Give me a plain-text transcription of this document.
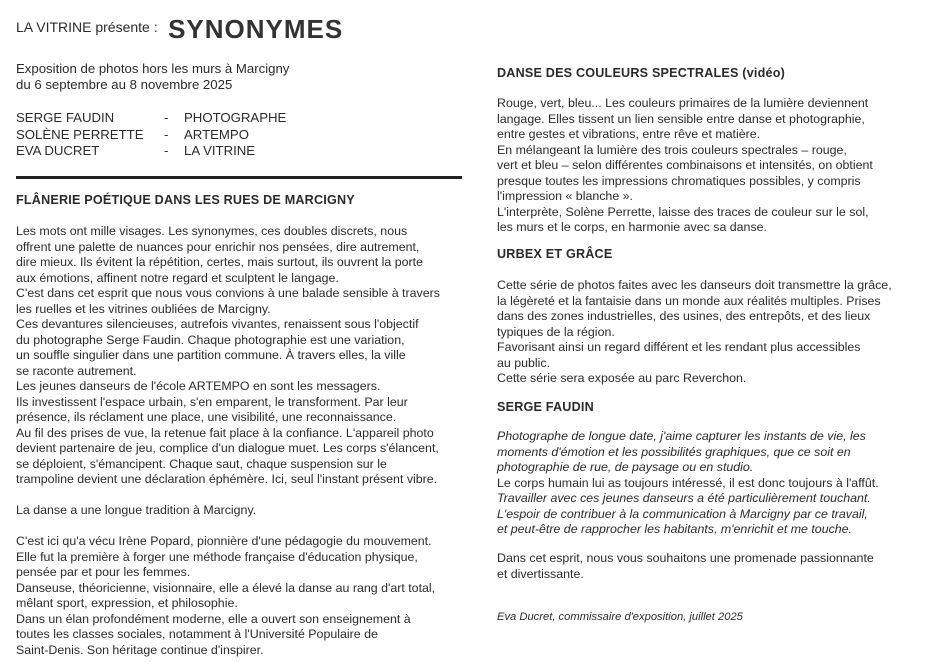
LA VITRINE présente : SYNONYMES
Exposition de photos hors les murs à Marcigny
du 6 septembre au 8 novembre 2025
SERGE FAUDIN	-	PHOTOGRAPHE
SOLÈNE PERRETTE	-	ARTEMPO
EVA DUCRET	-	LA VITRINE
FLÂNERIE POÉTIQUE DANS LES RUES DE MARCIGNY

Les mots ont mille visages. Les synonymes, ces doubles discrets, nous

offrent une palette de nuances pour enrichir nos pensées, dire autrement,

dire mieux. Ils évitent la répétition, certes, mais surtout, ils ouvrent la porte

aux émotions, affinent notre regard et sculptent le langage.

C'est dans cet esprit que nous vous convions à une balade sensible à travers

les ruelles et les vitrines oubliées de Marcigny.

Ces devantures silencieuses, autrefois vivantes, renaissent sous l'objectif

du photographe Serge Faudin. Chaque photographie est une variation,

un souffle singulier dans une partition commune. À travers elles, la ville

se raconte autrement.

Les jeunes danseurs de l'école ARTEMPO en sont les messagers.

Ils investissent l'espace urbain, s'en emparent, le transforment. Par leur

présence, ils réclament une place, une visibilité, une reconnaissance.

Au fil des prises de vue, la retenue fait place à la confiance. L'appareil photo

devient partenaire de jeu, complice d'un dialogue muet. Les corps s'élancent,

se déploient, s'émancipent. Chaque saut, chaque suspension sur le

trampoline devient une déclaration éphémère. Ici, seul l'instant présent vibre.

La danse a une longue tradition à Marcigny.

C'est ici qu'a vécu Irène Popard, pionnière d'une pédagogie du mouvement.

Elle fut la première à forger une méthode française d'éducation physique,

pensée par et pour les femmes.

Danseuse, théoricienne, visionnaire, elle a élevé la danse au rang d'art total,

mêlant sport, expression, et philosophie.

Dans un élan profondément moderne, elle a ouvert son enseignement à

toutes les classes sociales, notamment à l'Université Populaire de

Saint-Denis. Son héritage continue d'inspirer.

DANSE DES COULEURS SPECTRALES (vidéo)

Rouge, vert, bleu... Les couleurs primaires de la lumière deviennent

langage. Elles tissent un lien sensible entre danse et photographie,

entre gestes et vibrations, entre rêve et matière.

En mélangeant la lumière des trois couleurs spectrales – rouge,

vert et bleu – selon différentes combinaisons et intensités, on obtient

presque toutes les impressions chromatiques possibles, y compris

l'impression « blanche ».

L'interprète, Solène Perrette, laisse des traces de couleur sur le sol,

les murs et le corps, en harmonie avec sa danse.

URBEX ET GRÂCE

Cette série de photos faites avec les danseurs doit transmettre la grâce,

la légèreté et la fantaisie dans un monde aux réalités multiples. Prises

dans des zones industrielles, des usines, des entrepôts, et des lieux

typiques de la région.

Favorisant ainsi un regard différent et les rendant plus accessibles

au public.

Cette série sera exposée au parc Reverchon.

SERGE FAUDIN

Photographe de longue date, j'aime capturer les instants de vie, les

moments d'émotion et les possibilités graphiques, que ce soit en

photographie de rue, de paysage ou en studio.

Le corps humain lui as toujours intéressé, il est donc toujours à l'affût.

Travailler avec ces jeunes danseurs a été particulièrement touchant.

L'espoir de contribuer à la communication à Marcigny par ce travail,

et peut-être de rapprocher les habitants, m'enrichit et me touche.

Dans cet esprit, nous vous souhaitons une promenade passionnante

et divertissante.

Eva Ducret, commissaire d'exposition, juillet 2025
